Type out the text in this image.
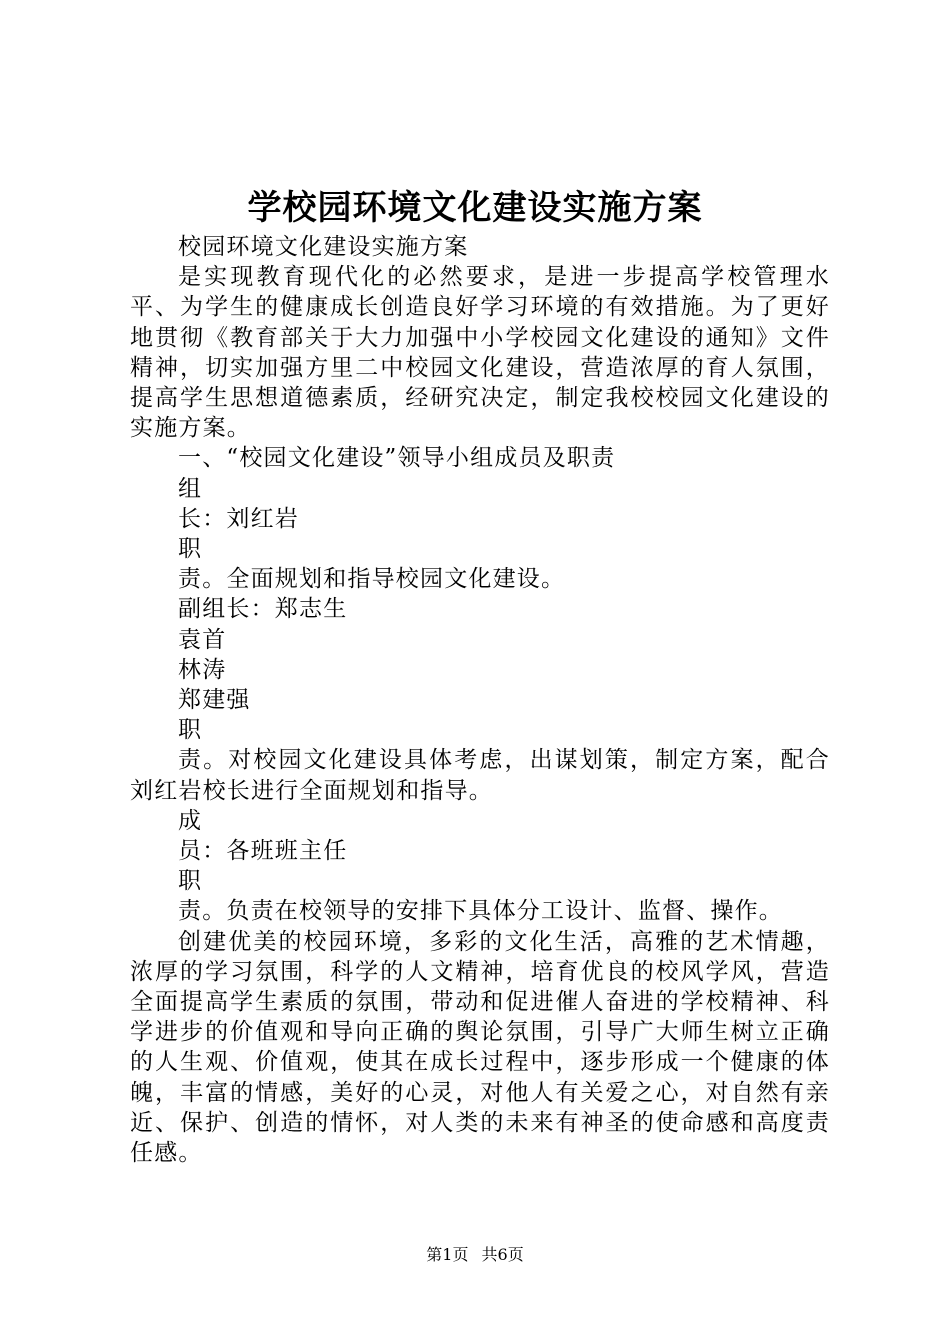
学校园环境文化建设实施方案

校园环境文化建设实施方案

是实现教育现代化的必然要求，是进一步提高学校管理水平、为学生的健康成长创造良好学习环境的有效措施。为了更好地贯彻《教育部关于大力加强中小学校园文化建设的通知》文件精神，切实加强方里二中校园文化建设，营造浓厚的育人氛围，提高学生思想道德素质，经研究决定，制定我校校园文化建设的实施方案。

一、“校园文化建设”领导小组成员及职责

组

长：刘红岩

职

责。全面规划和指导校园文化建设。

副组长：郑志生

袁首

林涛

郑建强

职

责。对校园文化建设具体考虑，出谋划策，制定方案，配合刘红岩校长进行全面规划和指导。

成

员：各班班主任

职

责。负责在校领导的安排下具体分工设计、监督、操作。

创建优美的校园环境，多彩的文化生活，高雅的艺术情趣，浓厚的学习氛围，科学的人文精神，培育优良的校风学风，营造全面提高学生素质的氛围，带动和促进催人奋进的学校精神、科学进步的价值观和导向正确的舆论氛围，引导广大师生树立正确的人生观、价值观，使其在成长过程中，逐步形成一个健康的体魄，丰富的情感，美好的心灵，对他人有关爱之心，对自然有亲近、保护、创造的情怀，对人类的未来有神圣的使命感和高度责任感。

第1页 共6页
